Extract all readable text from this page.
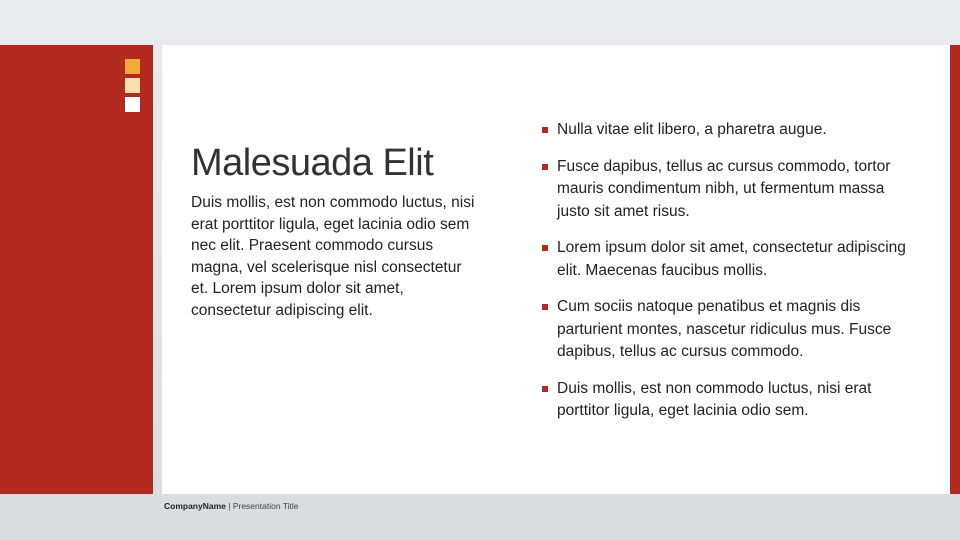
Malesuada Elit

Duis mollis, est non commodo luctus, nisi erat porttitor ligula, eget lacinia odio sem nec elit. Praesent commodo cursus magna, vel scelerisque nisl consectetur et. Lorem ipsum dolor sit amet, consectetur adipiscing elit.

Nulla vitae elit libero, a pharetra augue.
Fusce dapibus, tellus ac cursus commodo, tortor mauris condimentum nibh, ut fermentum massa justo sit amet risus.
Lorem ipsum dolor sit amet, consectetur adipiscing elit. Maecenas faucibus mollis.
Cum sociis natoque penatibus et magnis dis parturient montes, nascetur ridiculus mus. Fusce dapibus, tellus ac cursus commodo.
Duis mollis, est non commodo luctus, nisi erat porttitor ligula, eget lacinia odio sem.
CompanyName | Presentation Title
